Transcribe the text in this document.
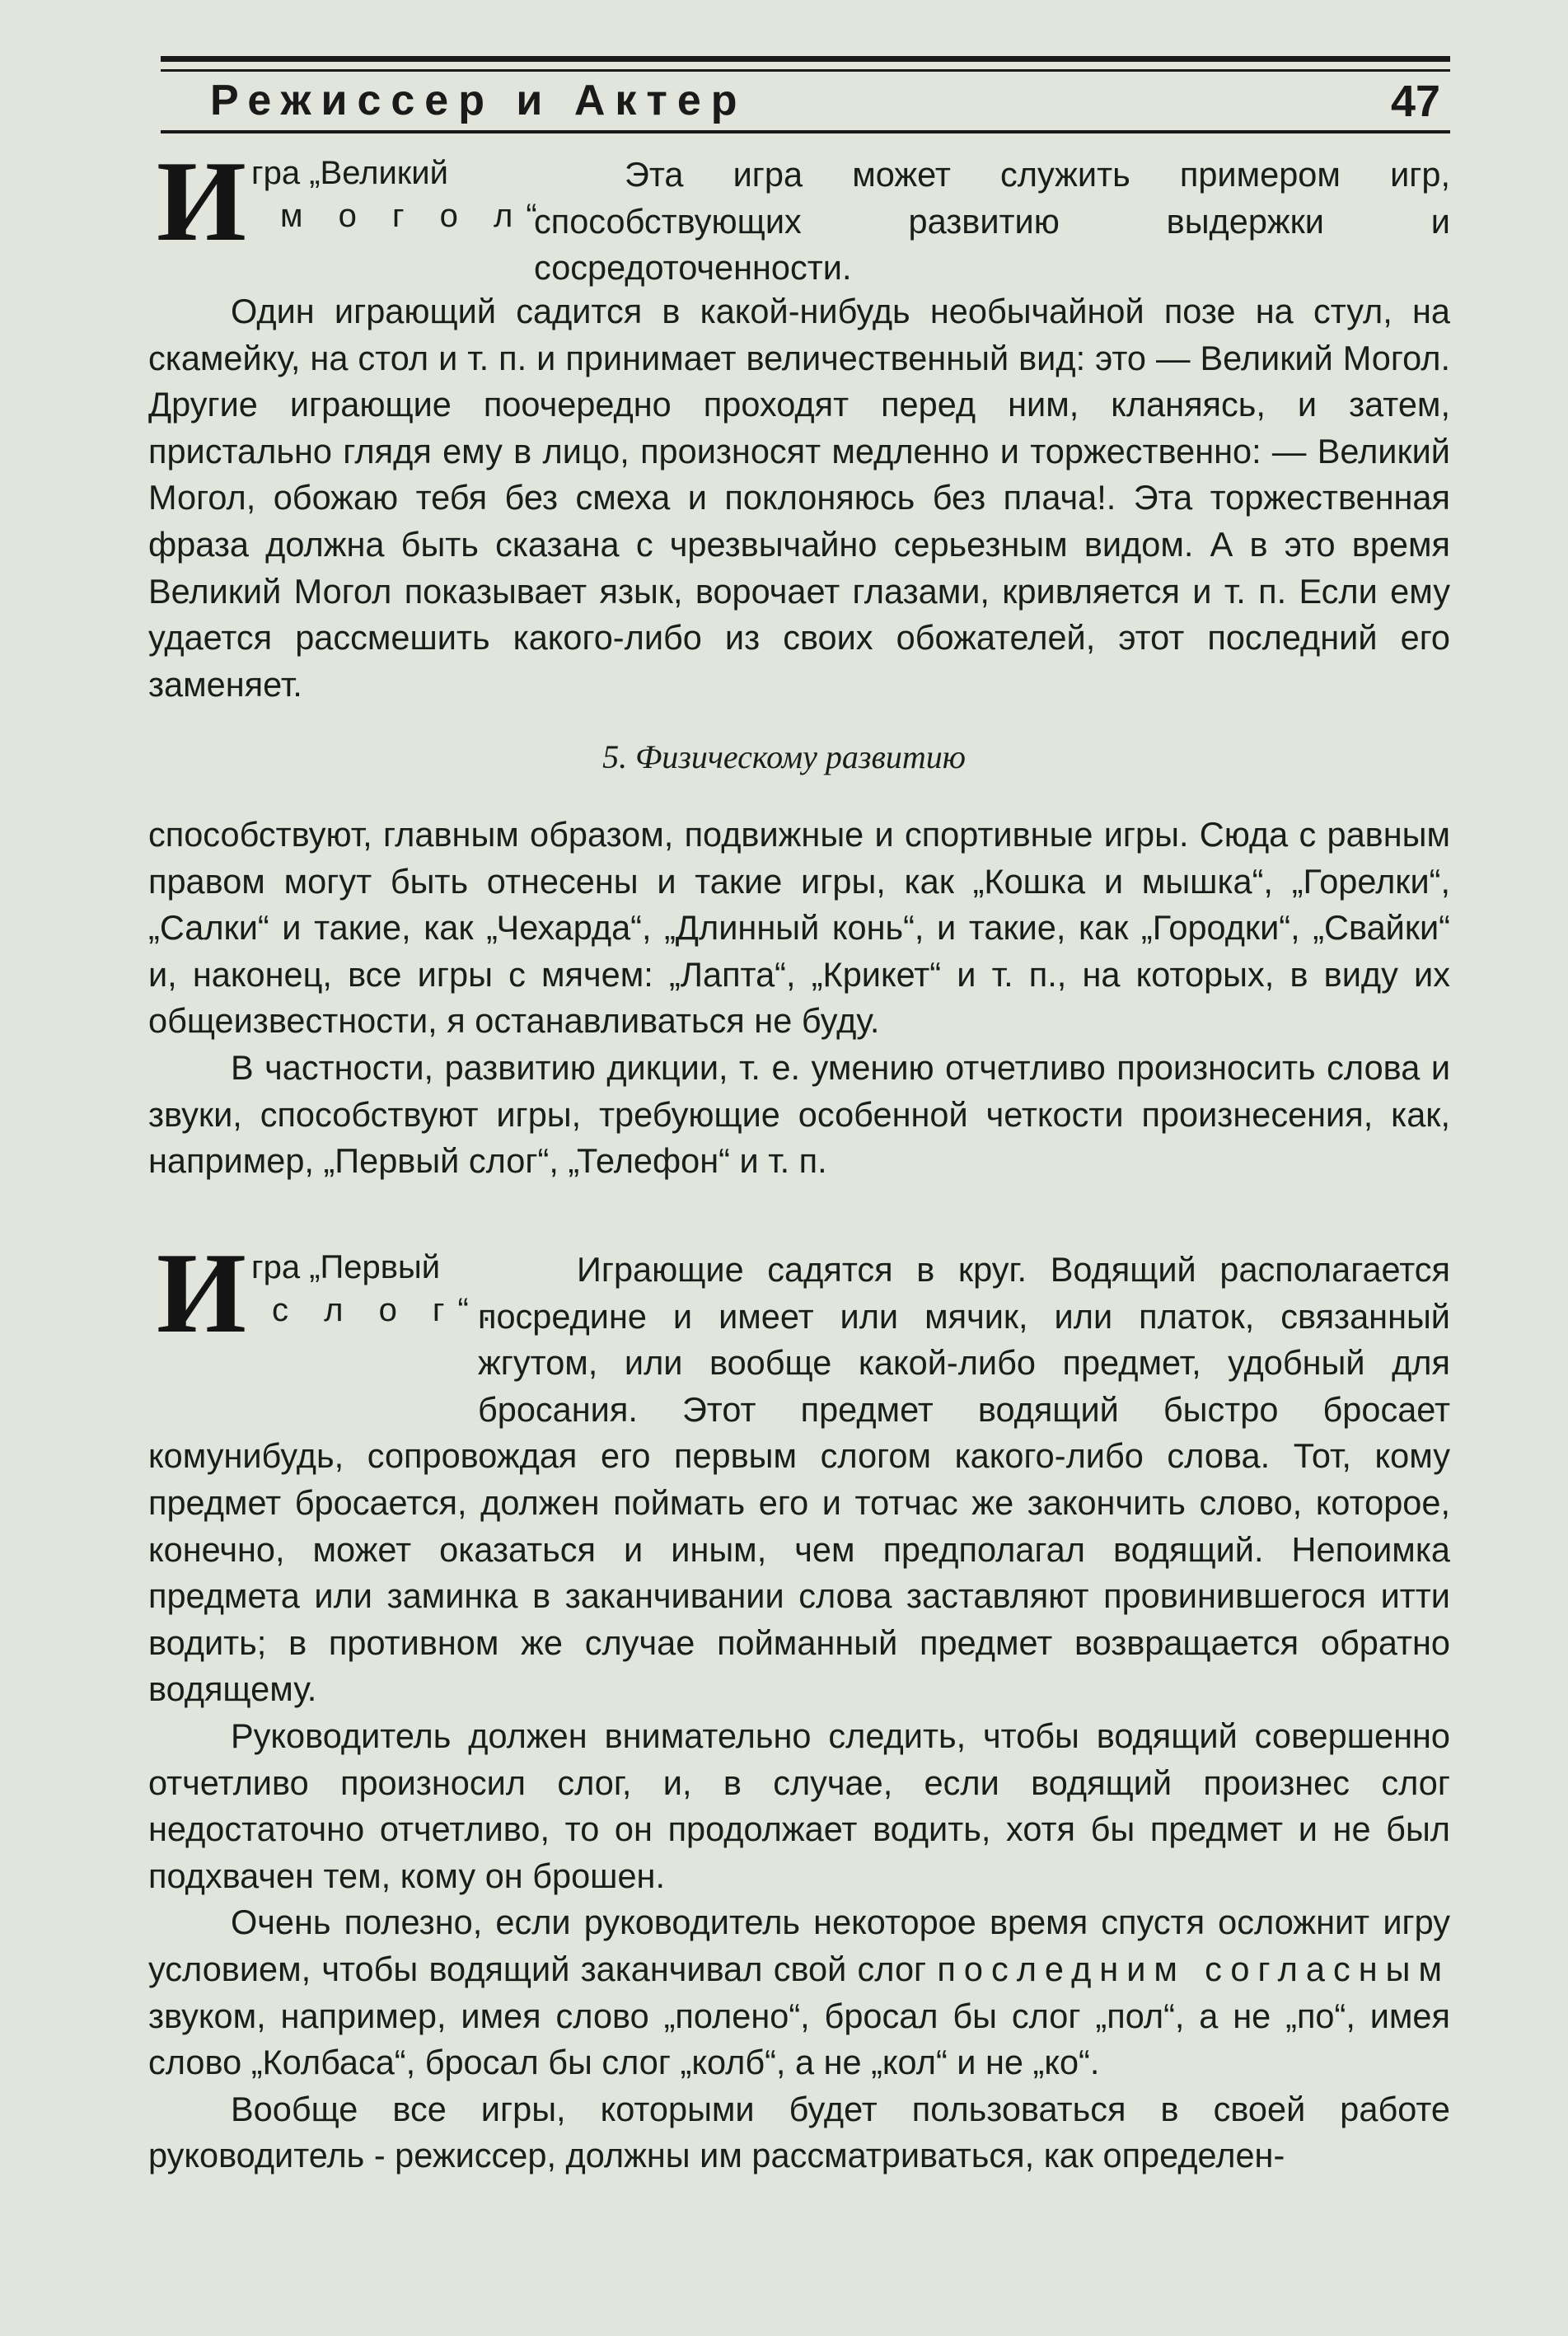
Режиссер и Актер	47
И гра „Великий
м о г о л“.

Эта игра может служить примером игр, способствующих развитию выдержки и сосредоточенности.

Один играющий садится в какой-нибудь необычайной позе на стул, на скамейку, на стол и т. п. и принимает величественный вид: это — Великий Могол. Другие играющие поочередно проходят перед ним, кланяясь, и затем, пристально глядя ему в лицо, произносят медленно и торжественно: — Великий Могол, обожаю тебя без смеха и поклоняюсь без плача!. Эта торжественная фраза должна быть сказана с чрезвычайно серьезным видом. А в это время Великий Могол показывает язык, ворочает глазами, кривляется и т. п. Если ему удается рассмешить какого-либо из своих обожателей, этот последний его заменяет.

5. Физическому развитию

способствуют, главным образом, подвижные и спортивные игры. Сюда с равным правом могут быть отнесены и такие игры, как „Кошка и мышка“, „Горелки“, „Салки“ и такие, как „Чехарда“, „Длинный конь“, и такие, как „Городки“, „Свайки“ и, наконец, все игры с мячем: „Лапта“, „Крикет“ и т. п., на которых, в виду их общеизвестности, я останавливаться не буду.

В частности, развитию дикции, т. е. умению отчетливо произносить слова и звуки, способствуют игры, требующие особенной четкости произнесения, как, например, „Первый слог“, „Телефон“ и т. п.

И гра „Первый
с л о г“.

Играющие садятся в круг. Водящий располагается посредине и имеет или мячик, или платок, связанный жгутом, или вообще какой-либо предмет, удобный для бросания. Этот предмет водящий быстро бросает комунибудь, сопровождая его первым слогом какого-либо слова. Тот, кому предмет бросается, должен поймать его и тотчас же закончить слово, которое, конечно, может оказаться и иным, чем предполагал водящий. Непоимка предмета или заминка в заканчивании слова заставляют провинившегося итти водить; в противном же случае пойманный предмет возвращается обратно водящему.

Руководитель должен внимательно следить, чтобы водящий совершенно отчетливо произносил слог, и, в случае, если водящий произнес слог недостаточно отчетливо, то он продолжает водить, хотя бы предмет и не был подхвачен тем, кому он брошен.

Очень полезно, если руководитель некоторое время спустя осложнит игру условием, чтобы водящий заканчивал свой слог последним согласным звуком, например, имея слово „полено“, бросал бы слог „пол“, а не „по“, имея слово „Колбаса“, бросал бы слог „колб“, а не „кол“ и не „ко“.

Вообще все игры, которыми будет пользоваться в своей работе руководитель - режиссер, должны им рассматриваться, как определен-
